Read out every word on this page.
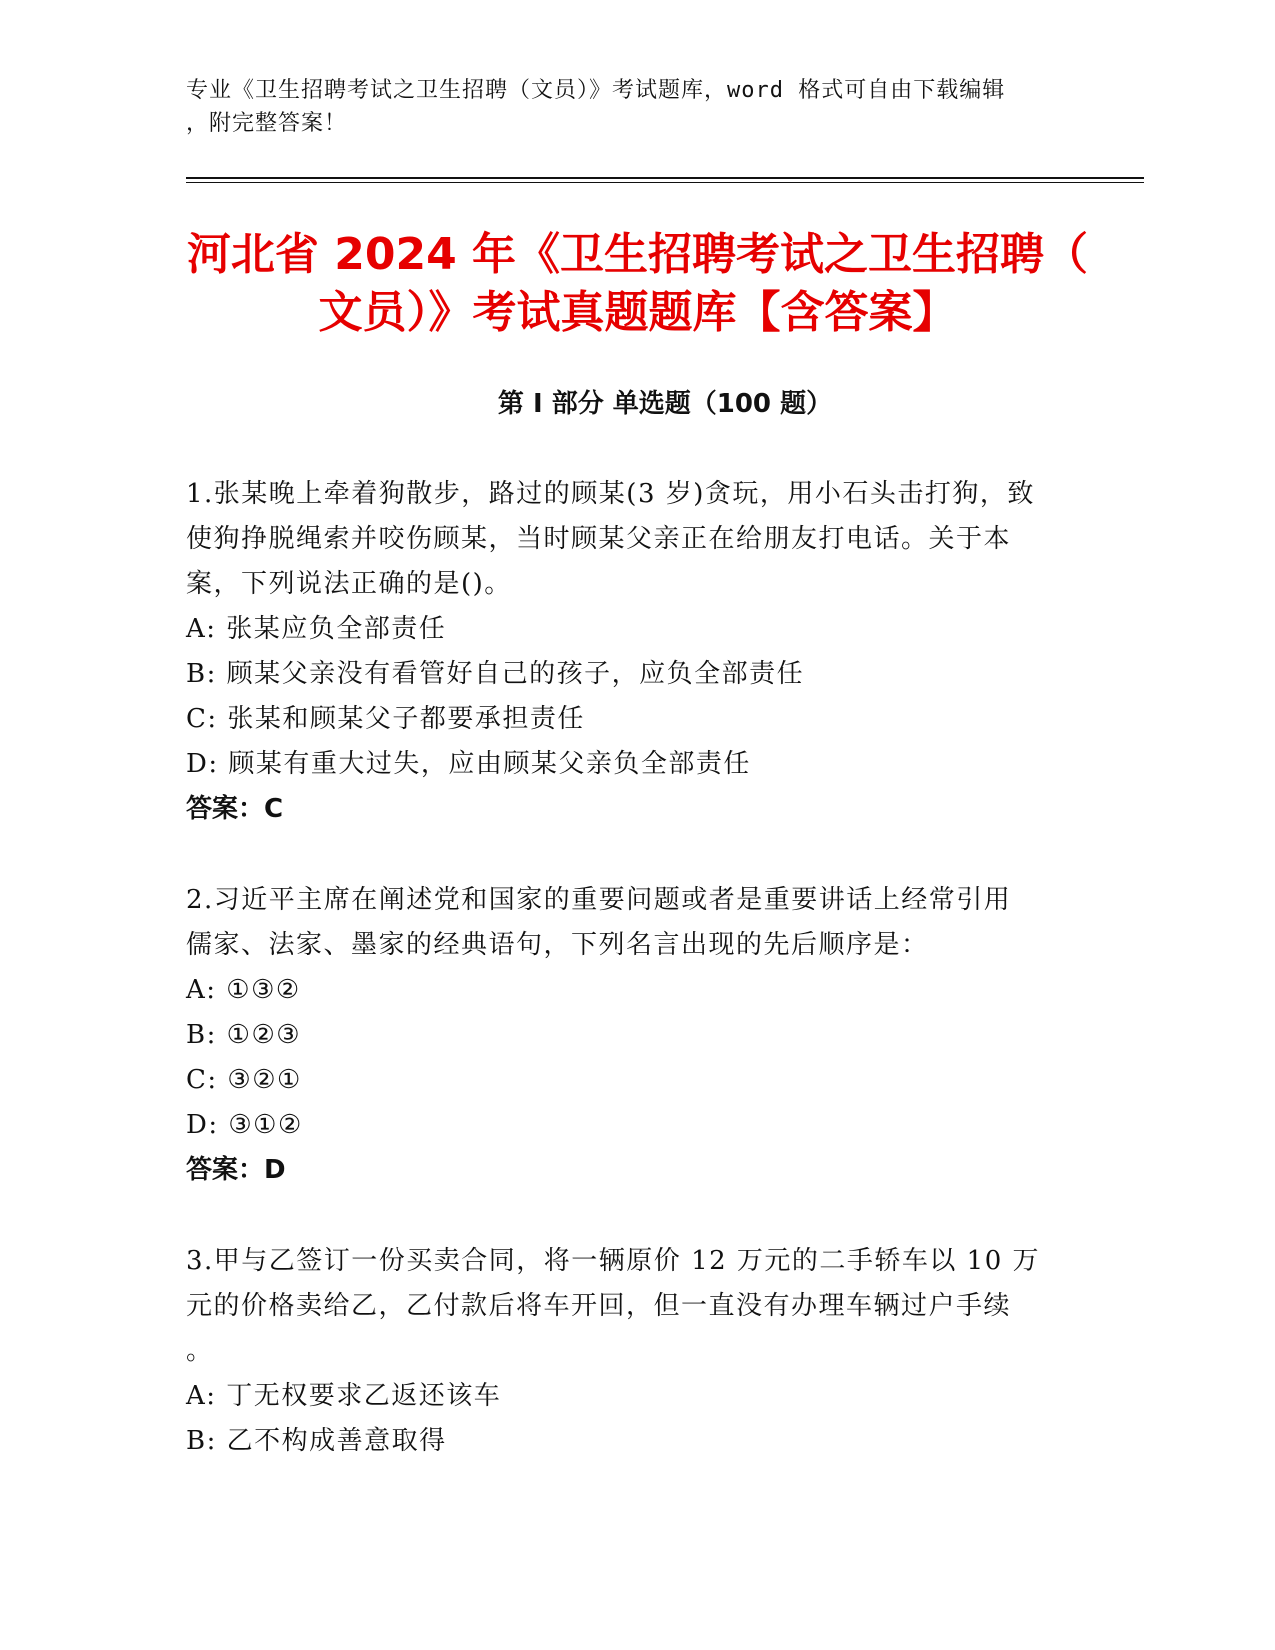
专业《卫生招聘考试之卫生招聘（文员）》考试题库，word 格式可自由下载编辑
，附完整答案！
河北省 2024 年《卫生招聘考试之卫生招聘（
文员）》考试真题题库【含答案】
第 I 部分 单选题（100 题）
1.张某晚上牵着狗散步，路过的顾某(3 岁)贪玩，用小石头击打狗，致
使狗挣脱绳索并咬伤顾某，当时顾某父亲正在给朋友打电话。关于本
案，下列说法正确的是()。
A: 张某应负全部责任
B: 顾某父亲没有看管好自己的孩子，应负全部责任
C: 张某和顾某父子都要承担责任
D: 顾某有重大过失，应由顾某父亲负全部责任
答案：C
2.习近平主席在阐述党和国家的重要问题或者是重要讲话上经常引用
儒家、法家、墨家的经典语句，下列名言出现的先后顺序是：
A: ①③②
B: ①②③
C: ③②①
D: ③①②
答案：D
3.甲与乙签订一份买卖合同，将一辆原价 12 万元的二手轿车以 10 万
元的价格卖给乙，乙付款后将车开回，但一直没有办理车辆过户手续
。
A: 丁无权要求乙返还该车
B: 乙不构成善意取得
